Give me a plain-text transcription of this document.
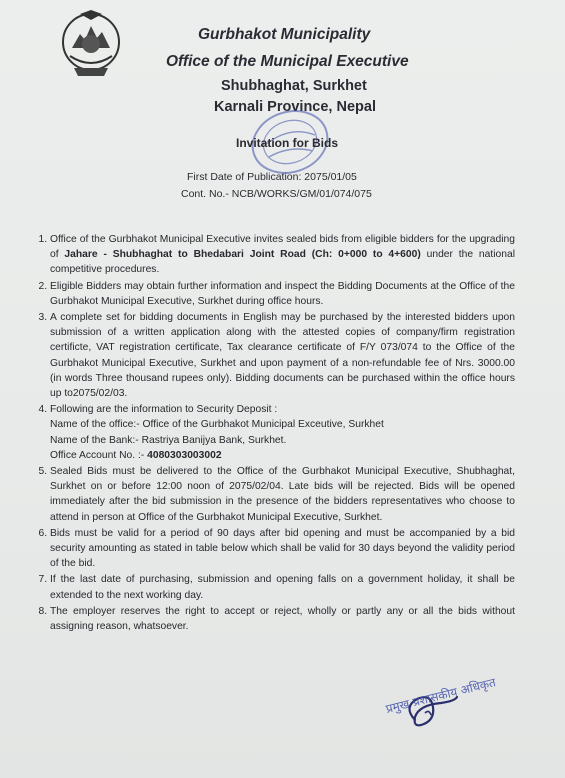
Gurbhakot Municipality
Office of the Municipal Executive
Shubhaghat, Surkhet
Karnali Province, Nepal
Invitation for Bids
First Date of Publication: 2075/01/05
Cont. No.- NCB/WORKS/GM/01/074/075
1. Office of the Gurbhakot Municipal Executive invites sealed bids from eligible bidders for the upgrading of Jahare - Shubhaghat to Bhedabari Joint Road (Ch: 0+000 to 4+600) under the national competitive procedures.
2. Eligible Bidders may obtain further information and inspect the Bidding Documents at the Office of the Gurbhakot Municipal Executive, Surkhet during office hours.
3. A complete set for bidding documents in English may be purchased by the interested bidders upon submission of a written application along with the attested copies of company/firm registration certificte, VAT registration certificate, Tax clearance certificate of F/Y 073/074 to the Office of the Gurbhakot Municipal Executive, Surkhet and upon payment of a non-refundable fee of Nrs. 3000.00 (in words Three thousand rupees only). Bidding documents can be purchased within the office hours up to2075/02/03.
4. Following are the information to Security Deposit :
Name of the office:- Office of the Gurbhakot Municipal Exceutive, Surkhet
Name of the Bank:- Rastriya Banijya Bank, Surkhet.
Office Account No. :- 4080303003002
5. Sealed Bids must be delivered to the Office of the Gurbhakot Municipal Executive, Shubhaghat, Surkhet on or before 12:00 noon of 2075/02/04. Late bids will be rejected. Bids will be opened immediately after the bid submission in the presence of the bidders representatives who choose to attend in person at Office of the Gurbhakot Municipal Executive, Surkhet.
6. Bids must be valid for a period of 90 days after bid opening and must be accompanied by a bid security amounting as stated in table below which shall be valid for 30 days beyond the validity period of the bid.
7. If the last date of purchasing, submission and opening falls on a government holiday, it shall be extended to the next working day.
8. The employer reserves the right to accept or reject, wholly or partly any or all the bids without assigning reason, whatsoever.
प्रमुख प्रशासकीय अधिकृत
